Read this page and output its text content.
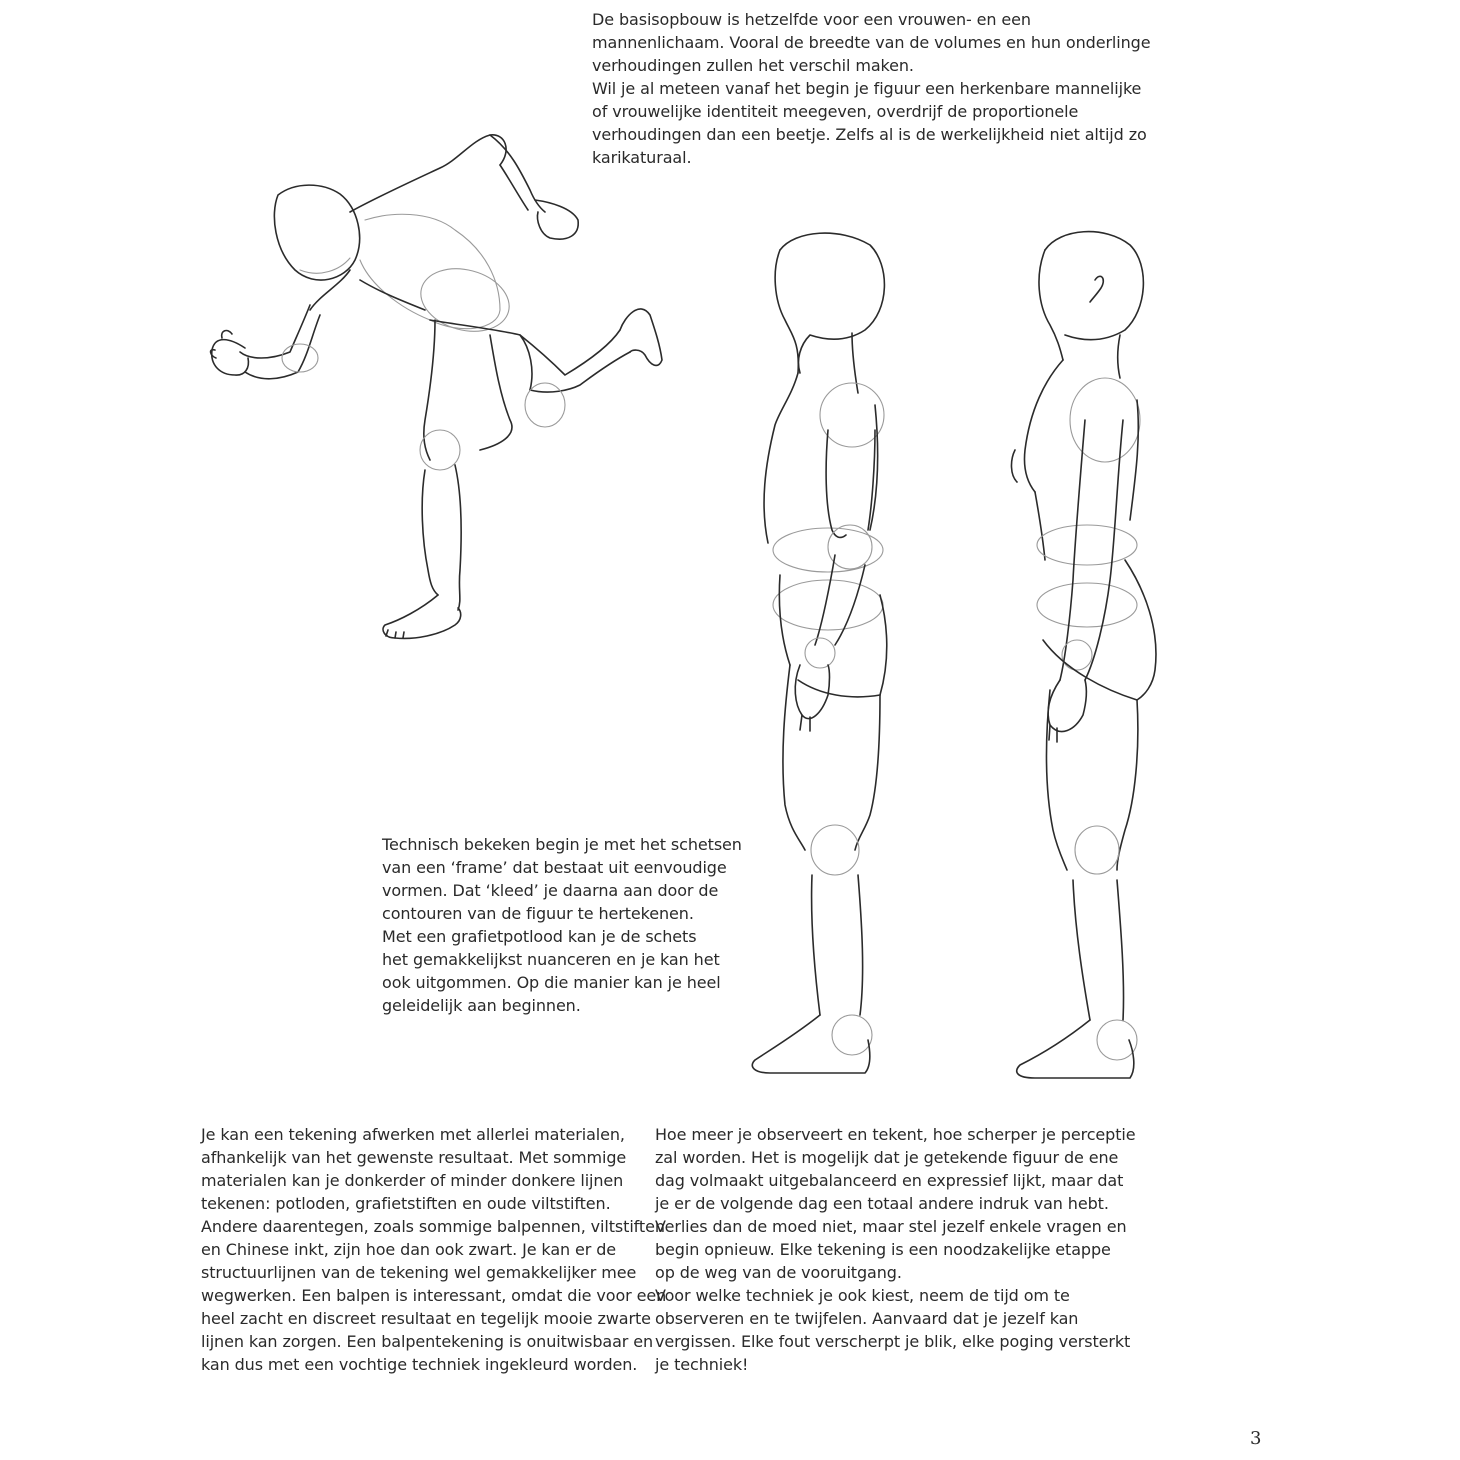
De basisopbouw is hetzelfde voor een vrouwen- en een
mannenlichaam. Vooral de breedte van de volumes en hun onderlinge
verhoudingen zullen het verschil maken.
Wil je al meteen vanaf het begin je figuur een herkenbare mannelijke
of vrouwelijke identiteit meegeven, overdrijf de proportionele
verhoudingen dan een beetje. Zelfs al is de werkelijkheid niet altijd zo
karikaturaal.
Technisch bekeken begin je met het schetsen
van een ‘frame’ dat bestaat uit eenvoudige
vormen. Dat ‘kleed’ je daarna aan door de
contouren van de figuur te hertekenen.
Met een grafietpotlood kan je de schets
het gemakkelijkst nuanceren en je kan het
ook uitgommen. Op die manier kan je heel
geleidelijk aan beginnen.
Je kan een tekening afwerken met allerlei materialen,
afhankelijk van het gewenste resultaat. Met sommige
materialen kan je donkerder of minder donkere lijnen
tekenen: potloden, grafietstiften en oude viltstiften.
Andere daarentegen, zoals sommige balpennen, viltstiften
en Chinese inkt, zijn hoe dan ook zwart. Je kan er de
structuurlijnen van de tekening wel gemakkelijker mee
wegwerken. Een balpen is interessant, omdat die voor een
heel zacht en discreet resultaat en tegelijk mooie zwarte
lijnen kan zorgen. Een balpentekening is onuitwisbaar en
kan dus met een vochtige techniek ingekleurd worden.
Hoe meer je observeert en tekent, hoe scherper je perceptie
zal worden. Het is mogelijk dat je getekende figuur de ene
dag volmaakt uitgebalanceerd en expressief lijkt, maar dat
je er de volgende dag een totaal andere indruk van hebt.
Verlies dan de moed niet, maar stel jezelf enkele vragen en
begin opnieuw. Elke tekening is een noodzakelijke etappe
op de weg van de vooruitgang.
Voor welke techniek je ook kiest, neem de tijd om te
observeren en te twijfelen. Aanvaard dat je jezelf kan
vergissen. Elke fout verscherpt je blik, elke poging versterkt
je techniek!
3
